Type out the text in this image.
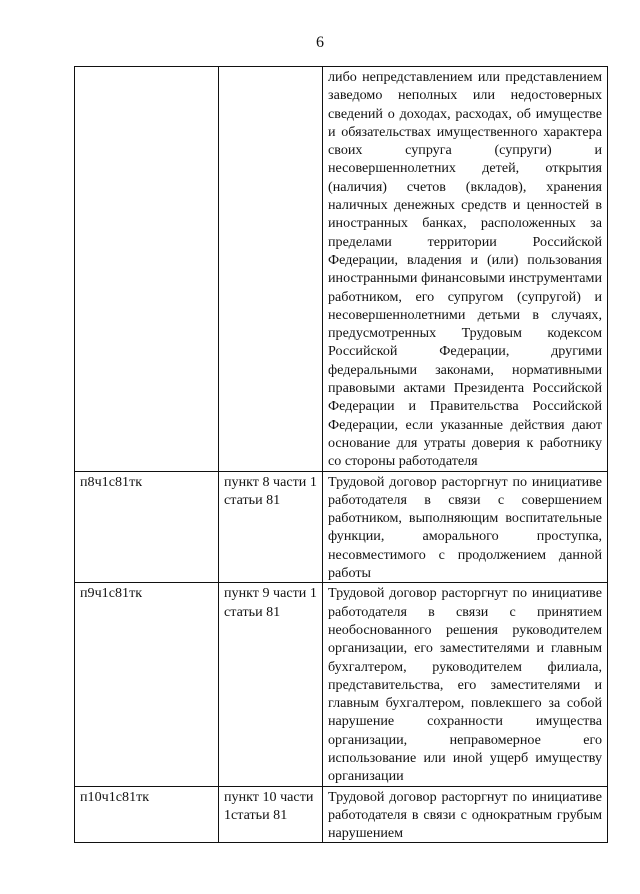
6
		либо непредставлением или представлением заведомо неполных или недостоверных сведений о доходах, расходах, об имуществе и обязательствах имущественного характера своих супруга (супруги) и несовершеннолетних детей, открытия (наличия) счетов (вкладов), хранения наличных денежных средств и ценностей в иностранных банках, расположенных за пределами территории Российской Федерации, владения и (или) пользования иностранными финансовыми инструментами работником, его супругом (супругой) и несовершеннолетними детьми в случаях, предусмотренных Трудовым кодексом Российской Федерации, другими федеральными законами, нормативными правовыми актами Президента Российской Федерации и Правительства Российской Федерации, если указанные действия дают основание для утраты доверия к работнику со стороны работодателя
п8ч1с81тк	пункт 8 части 1 статьи 81	Трудовой договор расторгнут по инициативе работодателя в связи с совершением работником, выполняющим воспитательные функции, аморального проступка, несовместимого с продолжением данной работы
п9ч1с81тк	пункт 9 части 1 статьи 81	Трудовой договор расторгнут по инициативе работодателя в связи с принятием необоснованного решения руководителем организации, его заместителями и главным бухгалтером, руководителем филиала, представительства, его заместителями и главным бухгалтером, повлекшего за собой нарушение сохранности имущества организации, неправомерное его использование или иной ущерб имуществу организации
п10ч1с81тк	пункт 10 части 1статьи 81	Трудовой договор расторгнут по инициативе работодателя в связи с однократным грубым нарушением
